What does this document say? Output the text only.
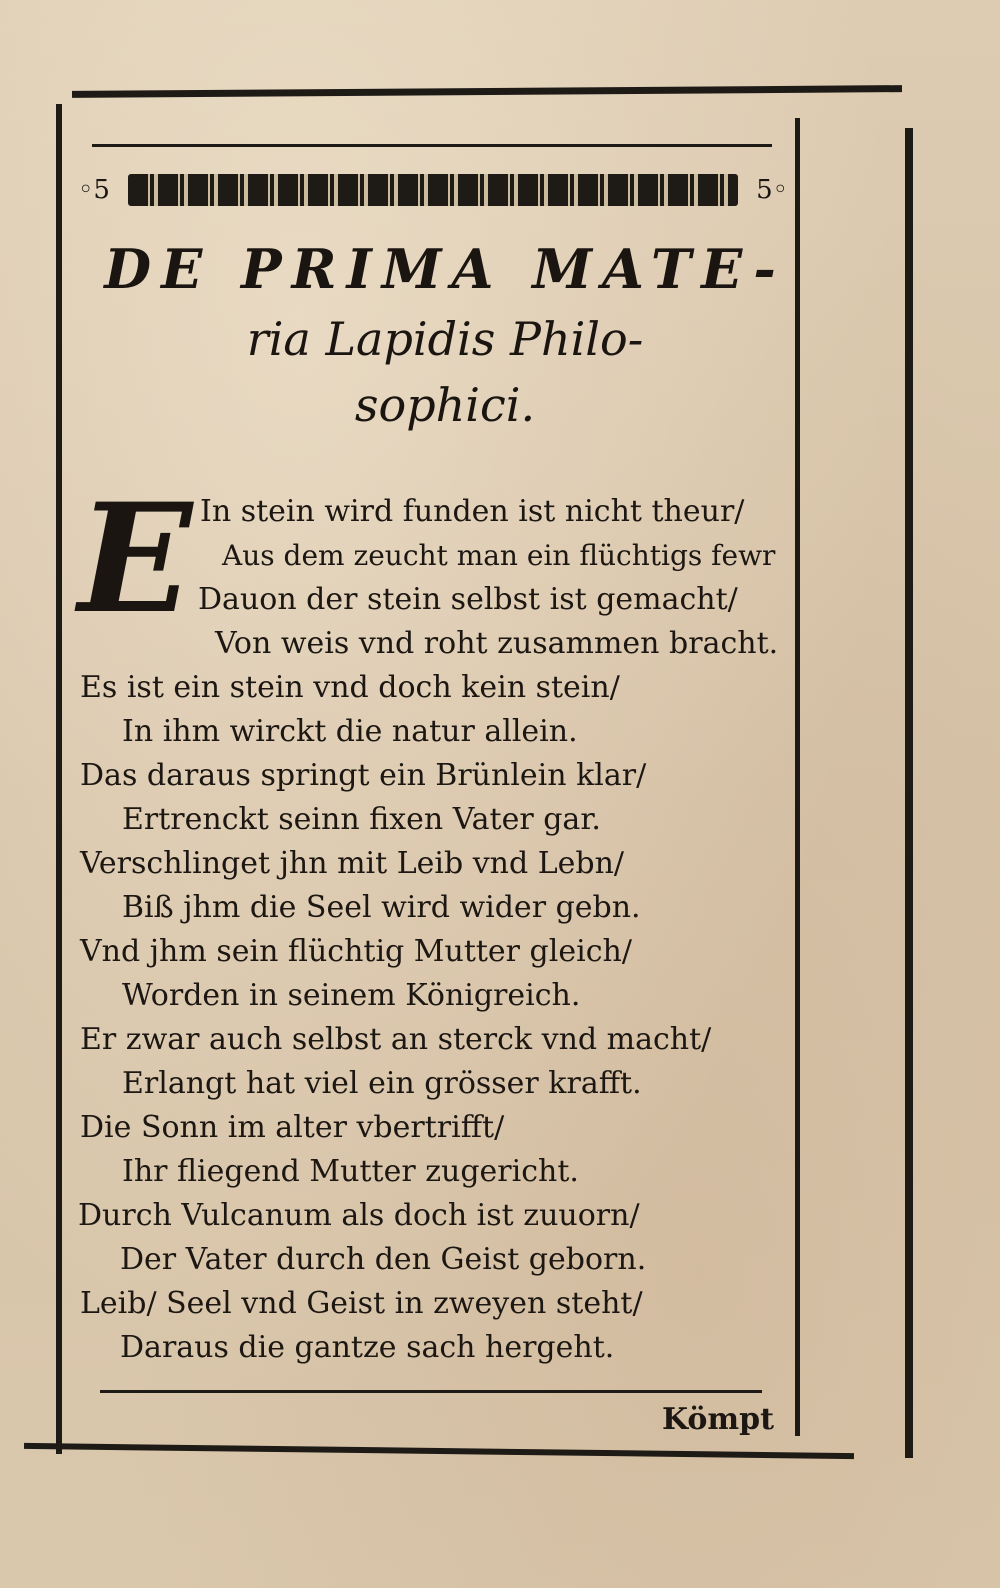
◦5	5◦
DE PRIMA MATE-
ria Lapidis Philo-
sophici.
E In stein wird funden ist nicht theur/
Aus dem zeucht man ein flüchtigs fewr
Dauon der stein selbst ist gemacht/
Von weis vnd roht zusammen bracht.
Es ist ein stein vnd doch kein stein/
In ihm wirckt die natur allein.
Das daraus springt ein Brünlein klar/
Ertrenckt seinn fixen Vater gar.
Verschlinget jhn mit Leib vnd Lebn/
Biß jhm die Seel wird wider gebn.
Vnd jhm sein flüchtig Mutter gleich/
Worden in seinem Königreich.
Er zwar auch selbst an sterck vnd macht/
Erlangt hat viel ein grösser krafft.
Die Sonn im alter vbertrifft/
Ihr fliegend Mutter zugericht.
Durch Vulcanum als doch ist zuuorn/
Der Vater durch den Geist geborn.
Leib/ Seel vnd Geist in zweyen steht/
Daraus die gantze sach hergeht.
Kömpt
